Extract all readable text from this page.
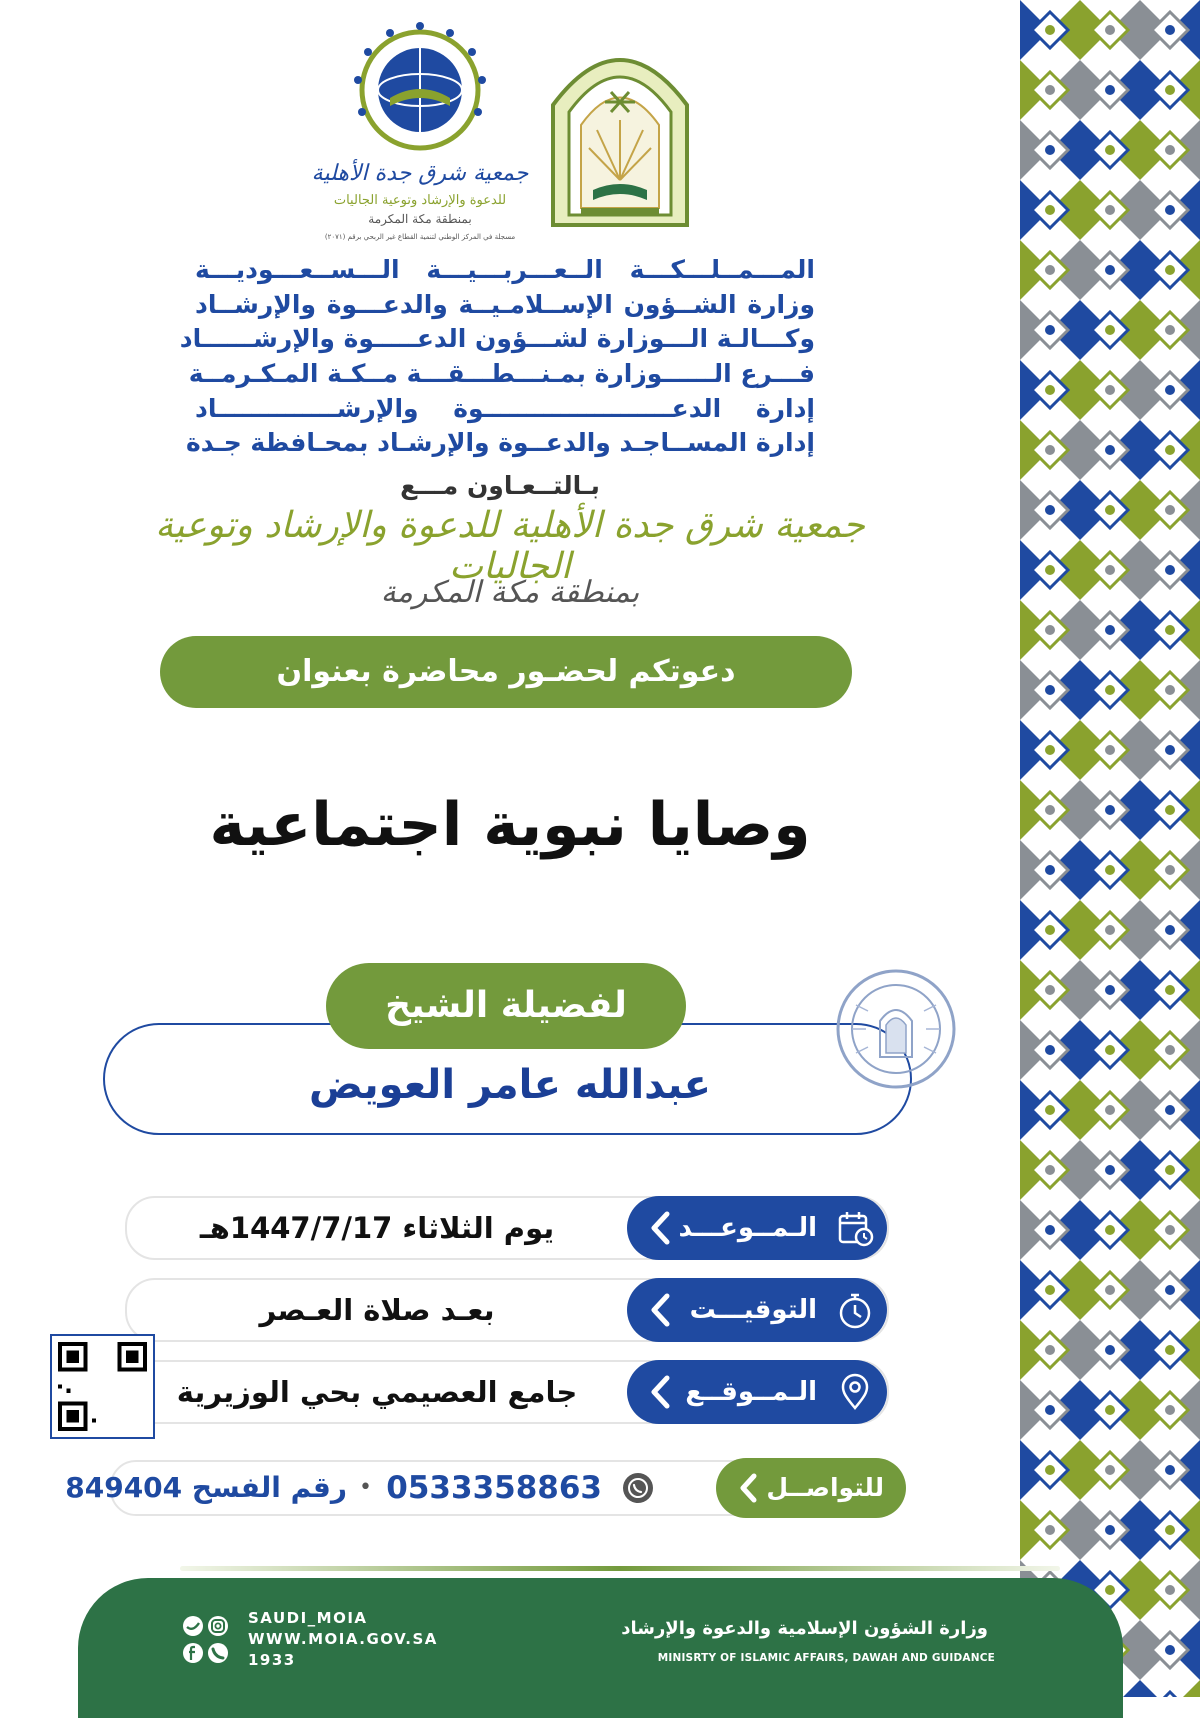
جمعية شرق جدة الأهلية
للدعوة والإرشاد وتوعية الجاليات
بمنطقة مكة المكرمة
مسجلة في المركز الوطني لتنمية القطاع غير الربحي برقم (٢٠٧١)
المـــمــلـــكـــة الــعـــربـــيـــة الـــســعـــوديـــة
وزارة الشــؤون الإســلامـيــة والدعـــوة والإرشــاد
وكـــالـة الـــوزارة لشـــؤون الدعـــــوة والإرشــــــاد
فـــرع الــــــوزارة بمـنـــطـــقـــة مــكـة المـكـرمــة
إدارة الدعــــــــــــــــــــــوة والإرشــــــــــــــاد
إدارة المســاجـد والدعــوة والإرشـاد بمحـافظة جـدة
بـالتــعـاون مـــع
جمعية شرق جدة الأهلية للدعوة والإرشاد وتوعية الجاليات
بمنطقة مكة المكرمة
دعوتكم لحضـور محاضرة بعنوان
وصايا نبوية اجتماعية
لفضيلة الشيخ
عبدالله عامر العويض
الـمــوعـــد
يوم الثلاثاء 1447/7/17هـ
التوقيـــت
بعـد صلاة العـصر
الـمــوقــع
جامع العصيمي بحي الوزيرية
للتواصــل
0533358863
•
رقم الفسح 849404
وزارة الشؤون الإسلامية والدعوة والإرشاد
MINISRTY OF ISLAMIC AFFAIRS, DAWAH AND GUIDANCE
SAUDI_MOIA
WWW.MOIA.GOV.SA
1933
